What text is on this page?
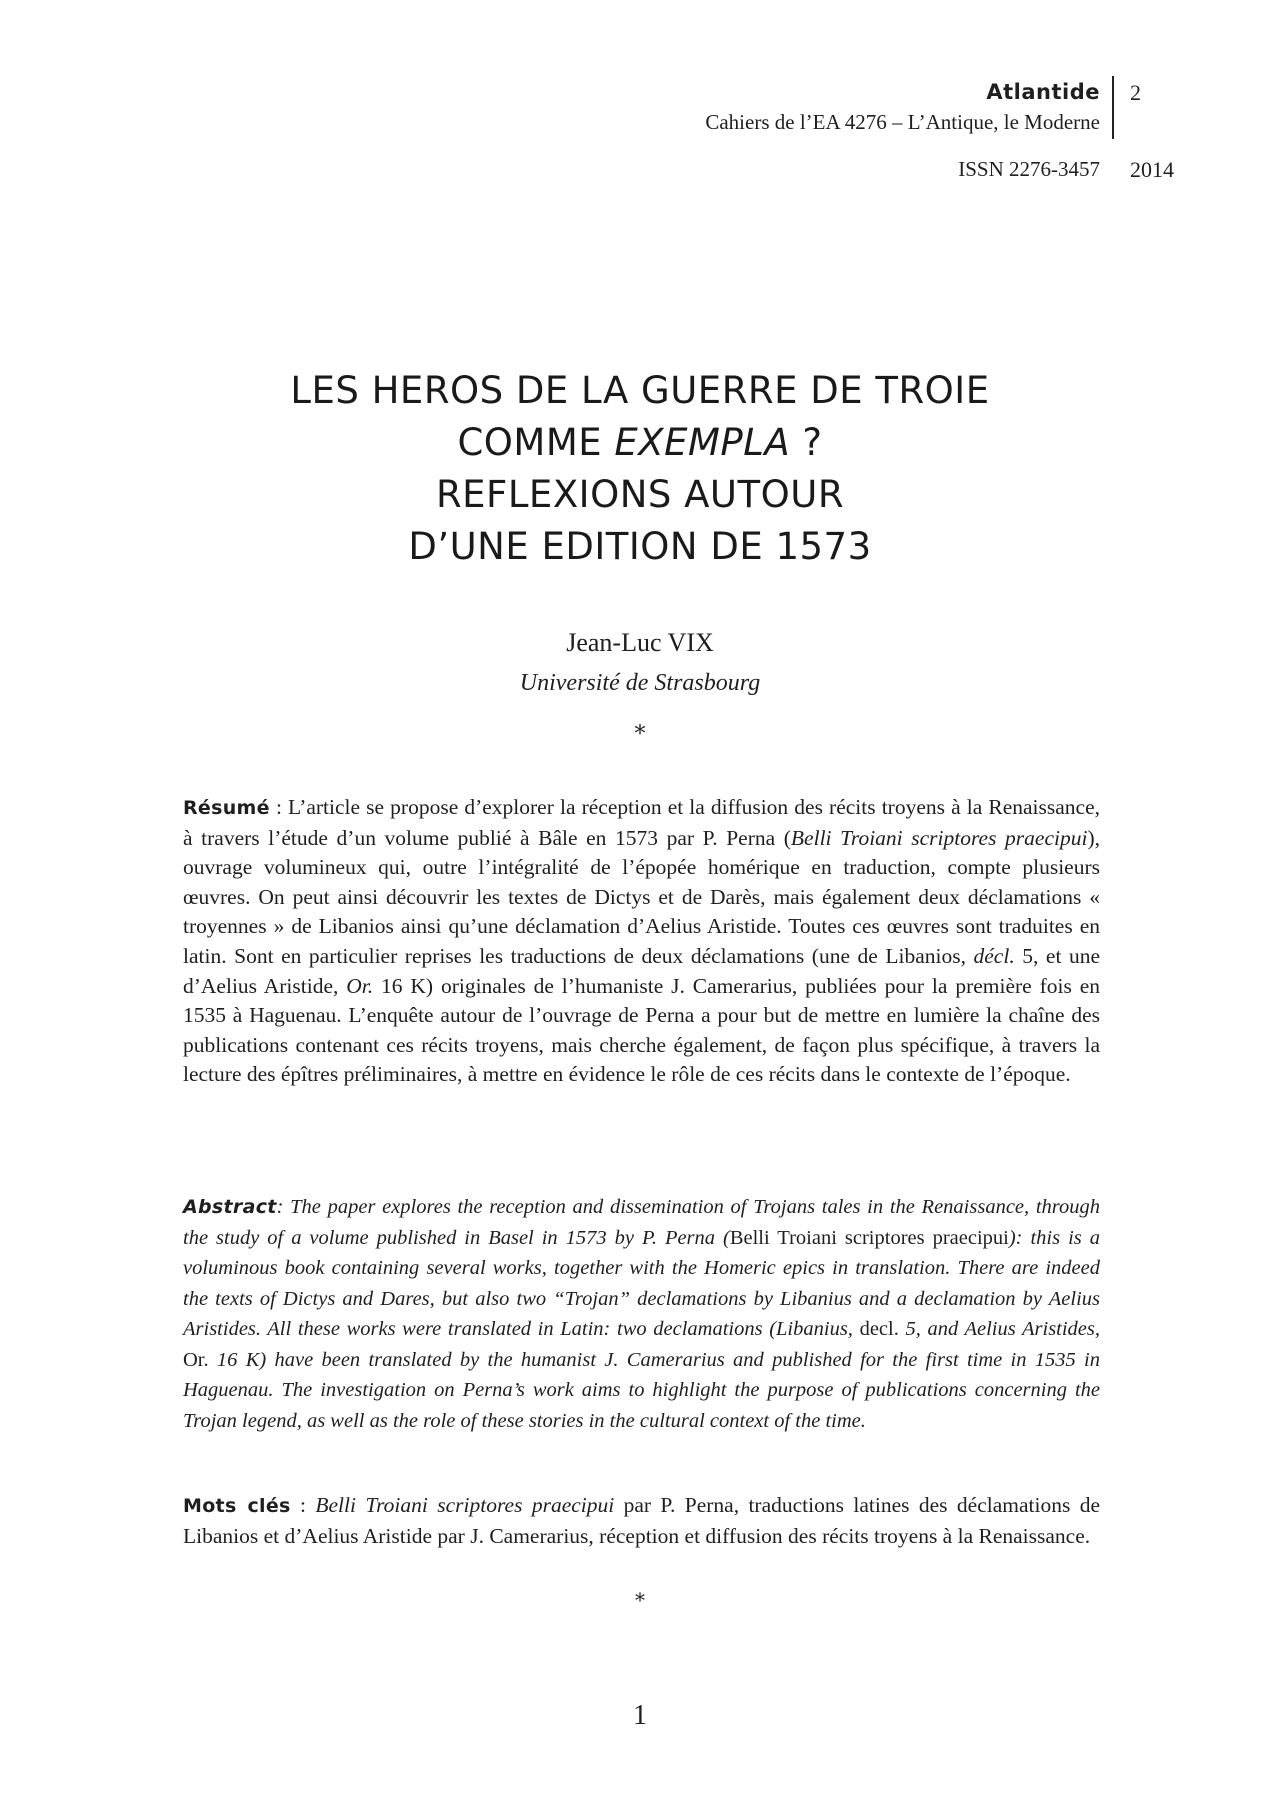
Atlantide
Cahiers de l’EA 4276 – L’Antique, le Moderne
2
ISSN 2276-3457 2014
LES HEROS DE LA GUERRE DE TROIE
COMME EXEMPLA ?
REFLEXIONS AUTOUR
D’UNE EDITION DE 1573
Jean-Luc VIX
Université de Strasbourg
*
Résumé : L’article se propose d’explorer la réception et la diffusion des récits troyens à la Renaissance, à travers l’étude d’un volume publié à Bâle en 1573 par P. Perna (Belli Troiani scriptores praecipui), ouvrage volumineux qui, outre l’intégralité de l’épopée homérique en traduction, compte plusieurs œuvres. On peut ainsi découvrir les textes de Dictys et de Darès, mais également deux déclamations « troyennes » de Libanios ainsi qu’une déclamation d’Aelius Aristide. Toutes ces œuvres sont traduites en latin. Sont en particulier reprises les traductions de deux déclamations (une de Libanios, décl. 5, et une d’Aelius Aristide, Or. 16 K) originales de l’humaniste J. Camerarius, publiées pour la première fois en 1535 à Haguenau. L’enquête autour de l’ouvrage de Perna a pour but de mettre en lumière la chaîne des publications contenant ces récits troyens, mais cherche également, de façon plus spécifique, à travers la lecture des épîtres préliminaires, à mettre en évidence le rôle de ces récits dans le contexte de l’époque.
Abstract: The paper explores the reception and dissemination of Trojans tales in the Renaissance, through the study of a volume published in Basel in 1573 by P. Perna (Belli Troiani scriptores praecipui): this is a voluminous book containing several works, together with the Homeric epics in translation. There are indeed the texts of Dictys and Dares, but also two “Trojan” declamations by Libanius and a declamation by Aelius Aristides. All these works were translated in Latin: two declamations (Libanius, decl. 5, and Aelius Aristides, Or. 16 K) have been translated by the humanist J. Camerarius and published for the first time in 1535 in Haguenau. The investigation on Perna’s work aims to highlight the purpose of publications concerning the Trojan legend, as well as the role of these stories in the cultural context of the time.
Mots clés : Belli Troiani scriptores praecipui par P. Perna, traductions latines des déclamations de Libanios et d’Aelius Aristide par J. Camerarius, réception et diffusion des récits troyens à la Renaissance.
*
1
